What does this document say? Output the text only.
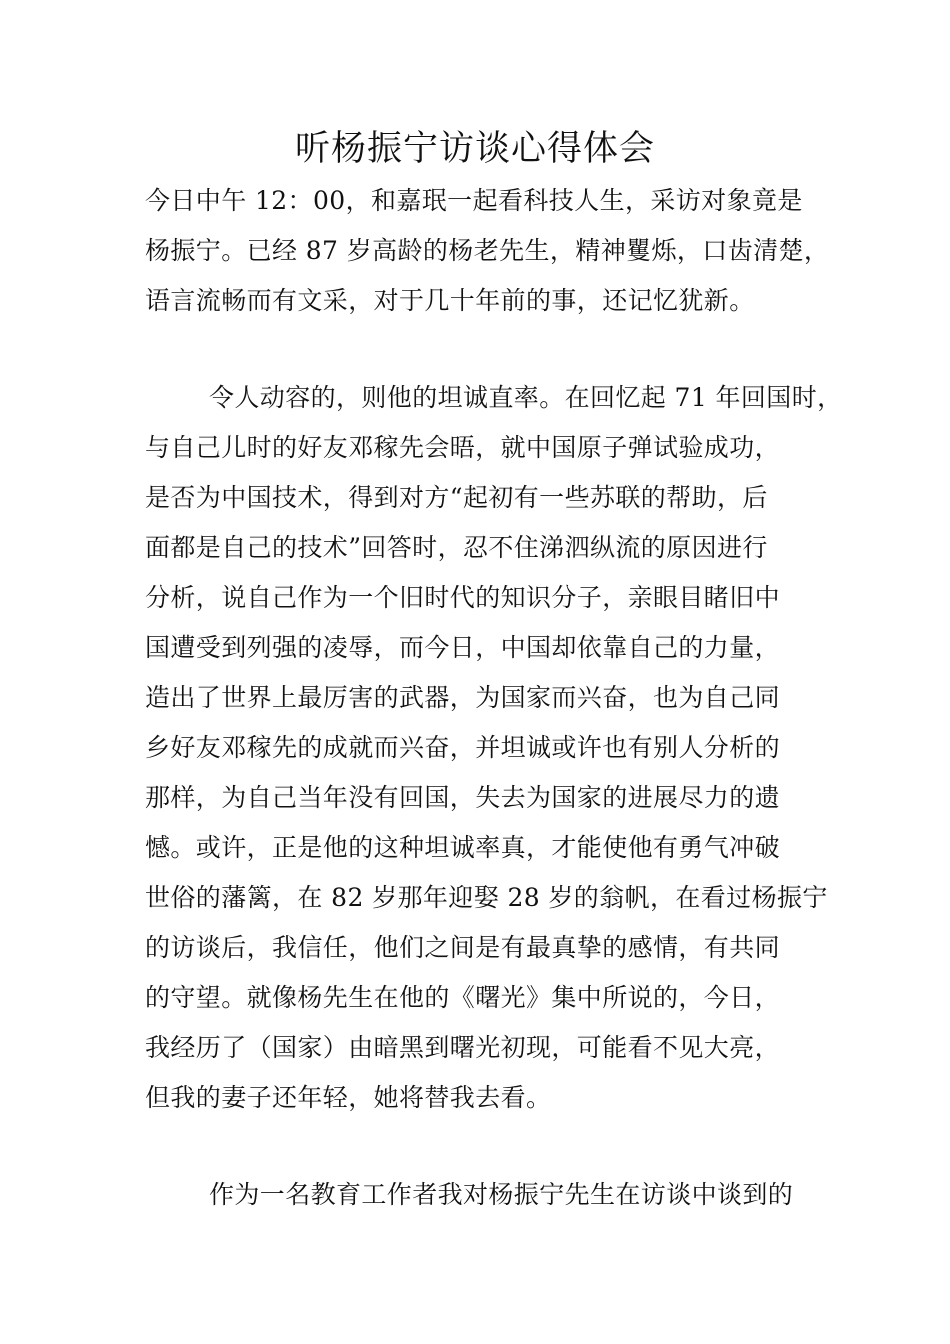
听杨振宁访谈心得体会
今日中午 12：00，和嘉珉一起看科技人生，采访对象竟是
杨振宁。已经 87 岁高龄的杨老先生，精神矍烁，口齿清楚，
语言流畅而有文采，对于几十年前的事，还记忆犹新。
令人动容的，则他的坦诚直率。在回忆起 71 年回国时，
与自己儿时的好友邓稼先会晤，就中国原子弹试验成功，
是否为中国技术，得到对方“起初有一些苏联的帮助，后
面都是自己的技术”回答时，忍不住涕泗纵流的原因进行
分析，说自己作为一个旧时代的知识分子，亲眼目睹旧中
国遭受到列强的凌辱，而今日，中国却依靠自己的力量，
造出了世界上最厉害的武器，为国家而兴奋，也为自己同
乡好友邓稼先的成就而兴奋，并坦诚或许也有别人分析的
那样，为自己当年没有回国，失去为国家的进展尽力的遗
憾。或许，正是他的这种坦诚率真，才能使他有勇气冲破
世俗的藩篱，在 82 岁那年迎娶 28 岁的翁帆，在看过杨振宁
的访谈后，我信任，他们之间是有最真挚的感情，有共同
的守望。就像杨先生在他的《曙光》集中所说的，今日，
我经历了（国家）由暗黑到曙光初现，可能看不见大亮，
但我的妻子还年轻，她将替我去看。
作为一名教育工作者我对杨振宁先生在访谈中谈到的
